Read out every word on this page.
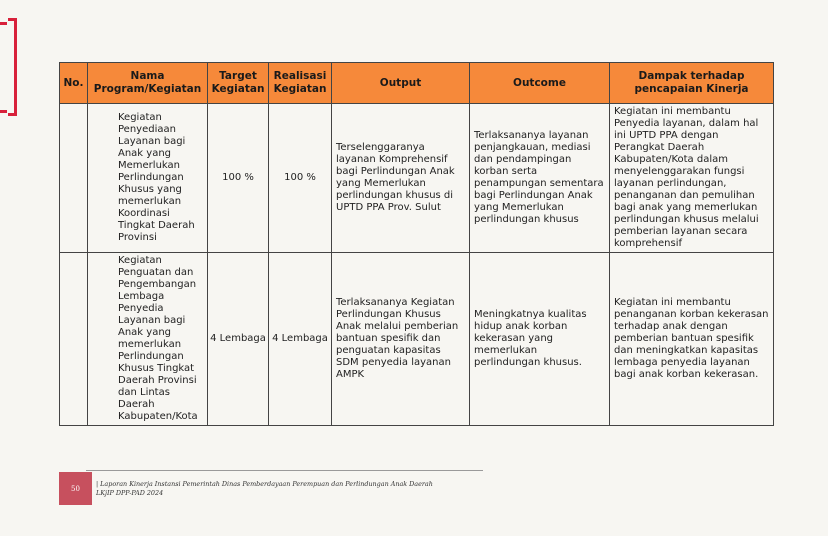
No.	Nama Program/Kegiatan	Target Kegiatan	Realisasi Kegiatan	Output	Outcome	Dampak terhadap pencapaian Kinerja
	Kegiatan Penyediaan Layanan bagi Anak yang Memerlukan Perlindungan Khusus yang memerlukan Koordinasi Tingkat Daerah Provinsi	100 %	100 %	Terselenggaranya layanan Komprehensif bagi Perlindungan Anak yang Memerlukan perlindungan khusus di UPTD PPA Prov. Sulut	Terlaksananya layanan penjangkauan, mediasi dan pendampingan korban serta penampungan sementara bagi Perlindungan Anak yang Memerlukan perlindungan khusus	Kegiatan ini membantu Penyedia layanan, dalam hal ini UPTD PPA dengan Perangkat Daerah Kabupaten/Kota dalam menyelenggarakan fungsi layanan perlindungan, penanganan dan pemulihan bagi anak yang memerlukan perlindungan khusus melalui pemberian layanan secara komprehensif
	Kegiatan Penguatan dan Pengembangan Lembaga Penyedia Layanan bagi Anak yang memerlukan Perlindungan Khusus Tingkat Daerah Provinsi dan Lintas Daerah Kabupaten/Kota	4 Lembaga	4 Lembaga	Terlaksananya Kegiatan Perlindungan Khusus Anak melalui pemberian bantuan spesifik dan penguatan kapasitas SDM penyedia layanan AMPK	Meningkatnya kualitas hidup anak korban kekerasan yang memerlukan perlindungan khusus.	Kegiatan ini membantu penanganan korban kekerasan terhadap anak dengan pemberian bantuan spesifik dan meningkatkan kapasitas lembaga penyedia layanan bagi anak korban kekerasan.
50
| Laporan Kinerja Instansi Pemerintah Dinas Pemberdayaan Perempuan dan Perlindungan Anak Daerah
LKjIP DPP-PAD 2024
